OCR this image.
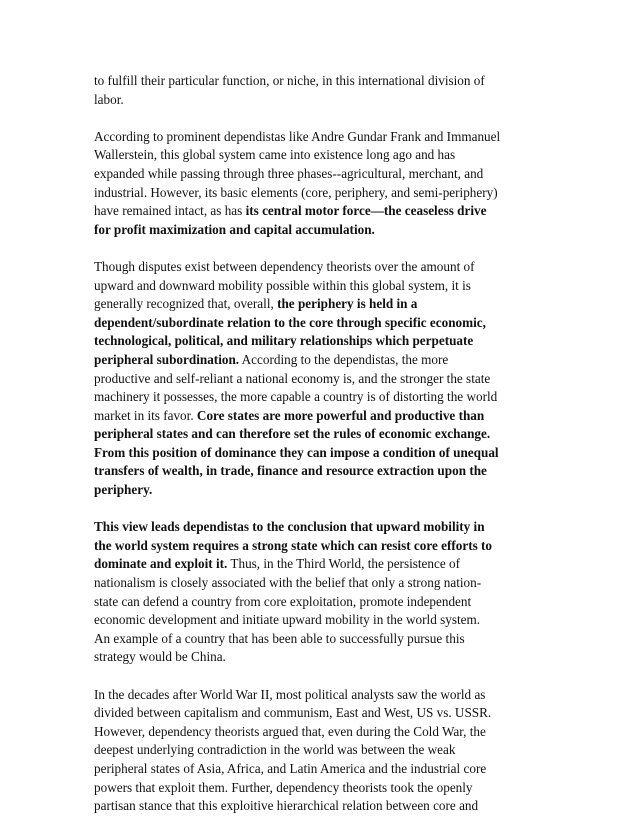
to fulfill their particular function, or niche, in this international division of
labor.

According to prominent dependistas like Andre Gundar Frank and Immanuel
Wallerstein, this global system came into existence long ago and has
expanded while passing through three phases--agricultural, merchant, and
industrial. However, its basic elements (core, periphery, and semi-periphery)
have remained intact, as has its central motor force—the ceaseless drive
for profit maximization and capital accumulation.

Though disputes exist between dependency theorists over the amount of
upward and downward mobility possible within this global system, it is
generally recognized that, overall, the periphery is held in a
dependent/subordinate relation to the core through specific economic,
technological, political, and military relationships which perpetuate
peripheral subordination. According to the dependistas, the more
productive and self-reliant a national economy is, and the stronger the state
machinery it possesses, the more capable a country is of distorting the world
market in its favor. Core states are more powerful and productive than
peripheral states and can therefore set the rules of economic exchange.
From this position of dominance they can impose a condition of unequal
transfers of wealth, in trade, finance and resource extraction upon the
periphery.

This view leads dependistas to the conclusion that upward mobility in
the world system requires a strong state which can resist core efforts to
dominate and exploit it. Thus, in the Third World, the persistence of
nationalism is closely associated with the belief that only a strong nation-
state can defend a country from core exploitation, promote independent
economic development and initiate upward mobility in the world system.
An example of a country that has been able to successfully pursue this
strategy would be China.

In the decades after World War II, most political analysts saw the world as
divided between capitalism and communism, East and West, US vs. USSR.
However, dependency theorists argued that, even during the Cold War, the
deepest underlying contradiction in the world was between the weak
peripheral states of Asia, Africa, and Latin America and the industrial core
powers that exploit them. Further, dependency theorists took the openly
partisan stance that this exploitive hierarchical relation between core and
